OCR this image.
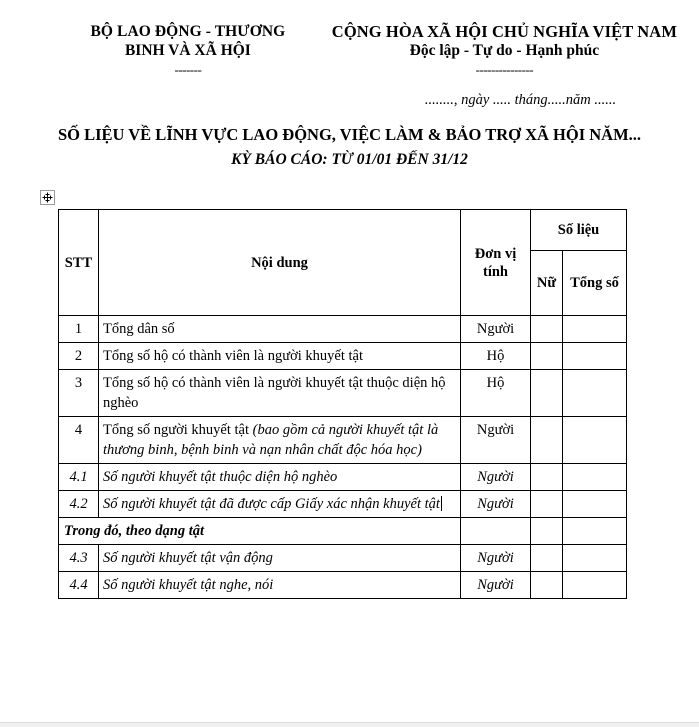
BỘ LAO ĐỘNG - THƯƠNG
BINH VÀ XÃ HỘI
-------
CỘNG HÒA XÃ HỘI CHỦ NGHĨA VIỆT NAM
Độc lập - Tự do - Hạnh phúc
---------------
........, ngày ..... tháng.....năm ......
SỐ LIỆU VỀ LĨNH VỰC LAO ĐỘNG, VIỆC LÀM & BẢO TRỢ XÃ HỘI NĂM...
KỲ BÁO CÁO: TỪ 01/01 ĐẾN 31/12
STT	Nội dung	Đơn vị tính	Số liệu	
			Nữ	Tổng số
1	Tổng dân số	Người		
2	Tổng số hộ có thành viên là người khuyết tật	Hộ		
3	Tổng số hộ có thành viên là người khuyết tật thuộc diện hộ nghèo	Hộ		
4	Tổng số người khuyết tật (bao gồm cả người khuyết tật là thương binh, bệnh binh và nạn nhân chất độc hóa học)	Người		
4.1	Số người khuyết tật thuộc diện hộ nghèo	Người		
4.2	Số người khuyết tật đã được cấp Giấy xác nhận khuyết tật	Người		
Trong đó, theo dạng tật				
4.3	Số người khuyết tật vận động	Người		
4.4	Số người khuyết tật nghe, nói	Người		
